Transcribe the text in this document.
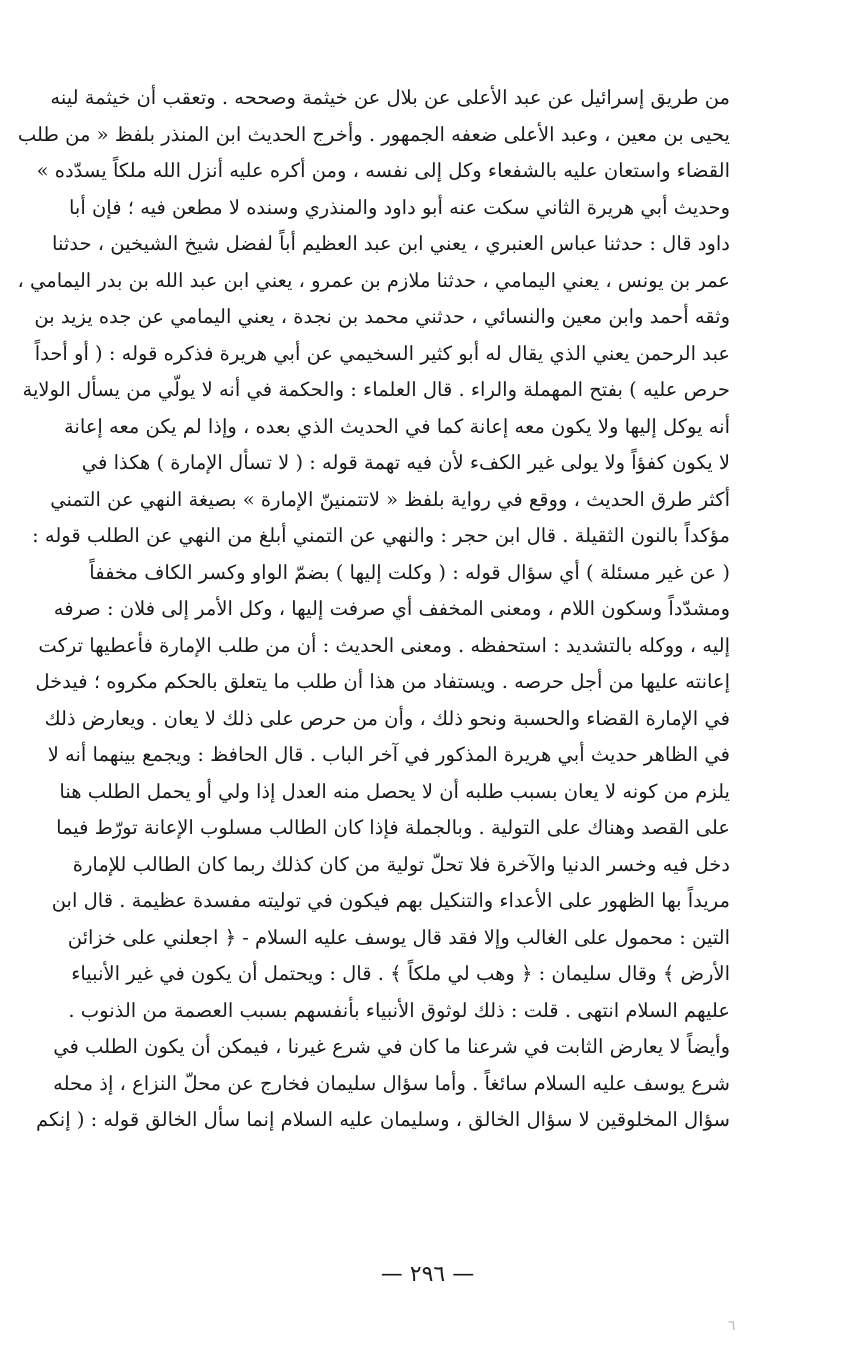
من طريق إسرائيل عن عبد الأعلى عن بلال عن خيثمة وصححه . وتعقب أن خيثمة لينه
يحيى بن معين ، وعبد الأعلى ضعفه الجمهور . وأخرج الحديث ابن المنذر بلفظ « من طلب
القضاء واستعان عليه بالشفعاء وكل إلى نفسه ، ومن أكره عليه أنزل الله ملكاً يسدّده »
وحديث أبي هريرة الثاني سكت عنه أبو داود والمنذري وسنده لا مطعن فيه ؛ فإن أبا
داود قال : حدثنا عباس العنبري ، يعني ابن عبد العظيم أباً لفضل شيخ الشيخين ، حدثنا
عمر بن يونس ، يعني اليمامي ، حدثنا ملازم بن عمرو ، يعني ابن عبد الله بن بدر اليمامي ،
وثقه أحمد وابن معين والنسائي ، حدثني محمد بن نجدة ، يعني اليمامي عن جده يزيد بن
عبد الرحمن يعني الذي يقال له أبو كثير السخيمي عن أبي هريرة فذكره قوله : ( أو أحداً
حرص عليه ) بفتح المهملة والراء . قال العلماء : والحكمة في أنه لا يولّي من يسأل الولاية
أنه يوكل إليها ولا يكون معه إعانة كما في الحديث الذي بعده ، وإذا لم يكن معه إعانة
لا يكون كفؤاً ولا يولى غير الكفء لأن فيه تهمة قوله : ( لا تسأل الإمارة ) هكذا في
أكثر طرق الحديث ، ووقع في رواية بلفظ « لاتتمنينّ الإمارة » بصيغة النهي عن التمني
مؤكداً بالنون الثقيلة . قال ابن حجر : والنهي عن التمني أبلغ من النهي عن الطلب قوله :
( عن غير مسئلة ) أي سؤال قوله : ( وكلت إليها ) بضمّ الواو وكسر الكاف مخففاً
ومشدّداً وسكون اللام ، ومعنى المخفف أي صرفت إليها ، وكل الأمر إلى فلان : صرفه
إليه ، ووكله بالتشديد : استحفظه . ومعنى الحديث : أن من طلب الإمارة فأعطيها تركت
إعانته عليها من أجل حرصه . ويستفاد من هذا أن طلب ما يتعلق بالحكم مكروه ؛ فيدخل
في الإمارة القضاء والحسبة ونحو ذلك ، وأن من حرص على ذلك لا يعان . ويعارض ذلك
في الظاهر حديث أبي هريرة المذكور في آخر الباب . قال الحافظ : ويجمع بينهما أنه لا
يلزم من كونه لا يعان بسبب طلبه أن لا يحصل منه العدل إذا ولي أو يحمل الطلب هنا
على القصد وهناك على التولية . وبالجملة فإذا كان الطالب مسلوب الإعانة تورّط فيما
دخل فيه وخسر الدنيا والآخرة فلا تحلّ تولية من كان كذلك ربما كان الطالب للإمارة
مريداً بها الظهور على الأعداء والتنكيل بهم فيكون في توليته مفسدة عظيمة . قال ابن
التين : محمول على الغالب وإلا فقد قال يوسف عليه السلام - ﴿ اجعلني على خزائن
الأرض ﴾ وقال سليمان : ﴿ وهب لي ملكاً ﴾ . قال : ويحتمل أن يكون في غير الأنبياء
عليهم السلام انتهى . قلت : ذلك لوثوق الأنبياء بأنفسهم بسبب العصمة من الذنوب .
وأيضاً لا يعارض الثابت في شرعنا ما كان في شرع غيرنا ، فيمكن أن يكون الطلب في
شرع يوسف عليه السلام سائغاً . وأما سؤال سليمان فخارج عن محلّ النزاع ، إذ محله
سؤال المخلوقين لا سؤال الخالق ، وسليمان عليه السلام إنما سأل الخالق قوله : ( إنكم
— ٢٩٦ —
٦
